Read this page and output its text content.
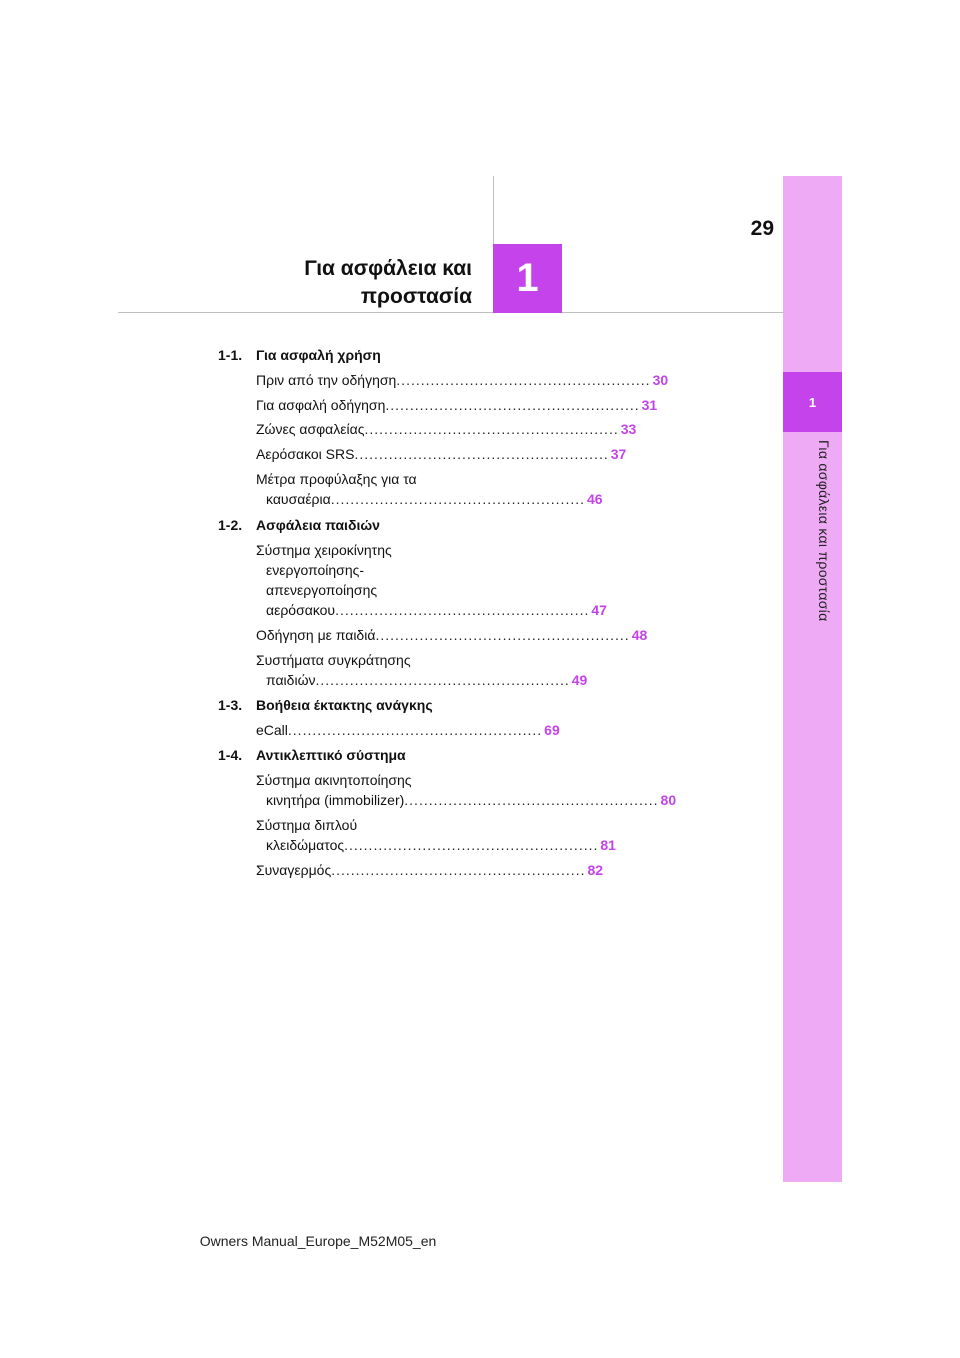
1
Για ασφάλεια και προστασία
29
1
Για ασφάλεια και
προστασία
1-1. Για ασφαλή χρήση
Πριν από την οδήγηση .................................................... 30
Για ασφαλή οδήγηση .................................................... 31
Ζώνες ασφαλείας .................................................... 33
Αερόσακοι SRS .................................................... 37
Μέτρα προφύλαξης για τα
καυσαέρια .................................................... 46
1-2. Ασφάλεια παιδιών
Σύστημα χειροκίνητης
ενεργοποίησης-
απενεργοποίησης
αερόσακου .................................................... 47
Οδήγηση με παιδιά .................................................... 48
Συστήματα συγκράτησης
παιδιών .................................................... 49
1-3. Βοήθεια έκτακτης ανάγκης
eCall .................................................... 69
1-4. Αντικλεπτικό σύστημα
Σύστημα ακινητοποίησης
κινητήρα (immobilizer) .................................................... 80
Σύστημα διπλού
κλειδώματος .................................................... 81
Συναγερμός .................................................... 82
Owners Manual_Europe_M52M05_en
